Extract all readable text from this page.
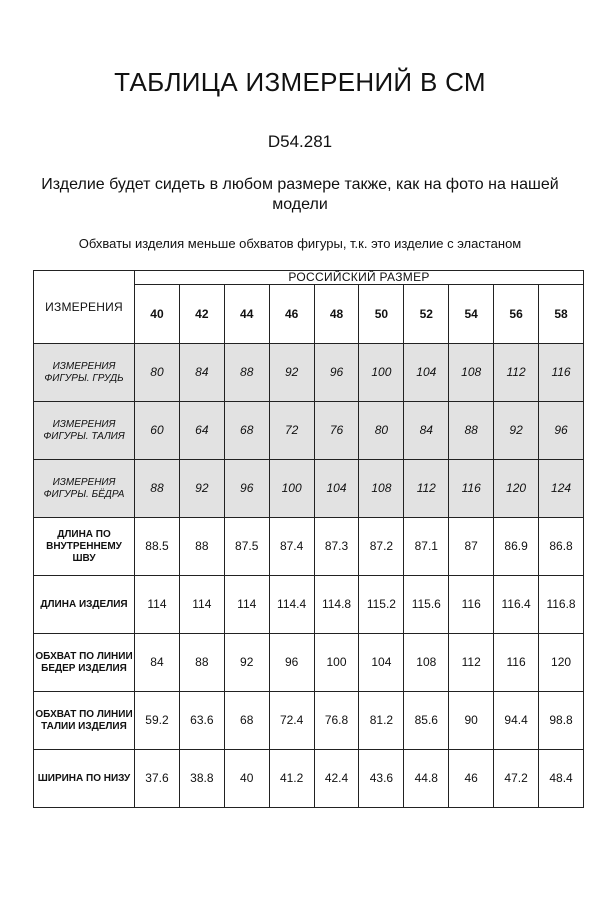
ТАБЛИЦА ИЗМЕРЕНИЙ В СМ
D54.281
Изделие будет сидеть в любом размере также, как на фото на нашей модели
Обхваты изделия меньше обхватов фигуры, т.к. это изделие с эластаном
ИЗМЕРЕНИЯ	РОССИЙСКИЙ РАЗМЕР									
	40	42	44	46	48	50	52	54	56	58
ИЗМЕРЕНИЯ ФИГУРЫ. ГРУДЬ	80	84	88	92	96	100	104	108	112	116
ИЗМЕРЕНИЯ ФИГУРЫ. ТАЛИЯ	60	64	68	72	76	80	84	88	92	96
ИЗМЕРЕНИЯ ФИГУРЫ. БЁДРА	88	92	96	100	104	108	112	116	120	124
ДЛИНА ПО ВНУТРЕННЕМУ ШВУ	88.5	88	87.5	87.4	87.3	87.2	87.1	87	86.9	86.8
ДЛИНА ИЗДЕЛИЯ	114	114	114	114.4	114.8	115.2	115.6	116	116.4	116.8
ОБХВАТ ПО ЛИНИИ БЕДЕР ИЗДЕЛИЯ	84	88	92	96	100	104	108	112	116	120
ОБХВАТ ПО ЛИНИИ ТАЛИИ ИЗДЕЛИЯ	59.2	63.6	68	72.4	76.8	81.2	85.6	90	94.4	98.8
ШИРИНА ПО НИЗУ	37.6	38.8	40	41.2	42.4	43.6	44.8	46	47.2	48.4
